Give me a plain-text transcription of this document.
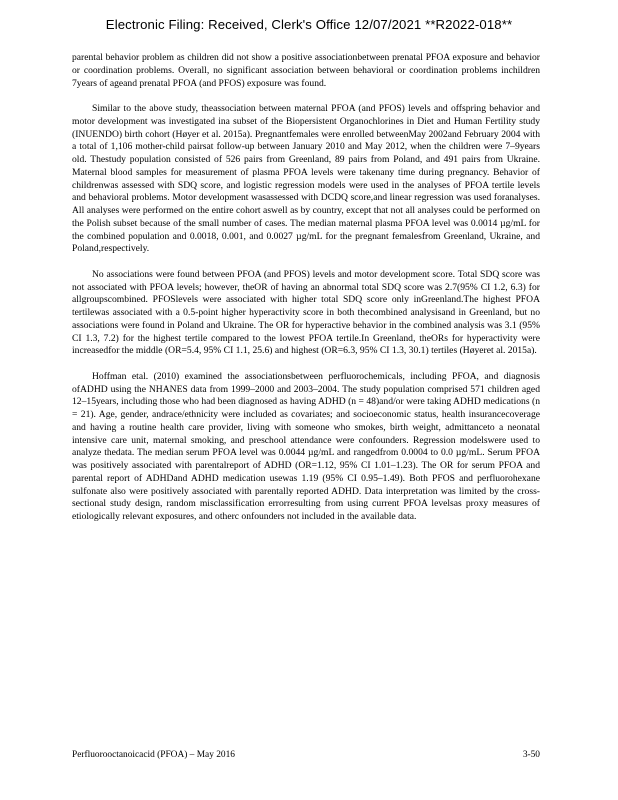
Electronic Filing: Received, Clerk's Office 12/07/2021 **R2022-018**

parental behavior problem as children did not show a positive associationbetween prenatal PFOA exposure and behavior or coordination problems. Overall, no significant association between behavioral or coordination problems inchildren 7years of ageand prenatal PFOA (and PFOS) exposure was found.

Similar to the above study, theassociation between maternal PFOA (and PFOS) levels and offspring behavior and motor development was investigated ina subset of the Biopersistent Organochlorines in Diet and Human Fertility study (INUENDO) birth cohort (Høyer et al. 2015a). Pregnantfemales were enrolled betweenMay 2002and February 2004 with a total of 1,106 mother-child pairsat follow-up between January 2010 and May 2012, when the children were 7–9years old. Thestudy population consisted of 526 pairs from Greenland, 89 pairs from Poland, and 491 pairs from Ukraine. Maternal blood samples for measurement of plasma PFOA levels were takenany time during pregnancy. Behavior of childrenwas assessed with SDQ score, and logistic regression models were used in the analyses of PFOA tertile levels and behavioral problems. Motor development wasassessed with DCDQ score,and linear regression was used foranalyses. All analyses were performed on the entire cohort aswell as by country, except that not all analyses could be performed on the Polish subset because of the small number of cases. The median maternal plasma PFOA level was 0.0014 µg/mL for the combined population and 0.0018, 0.001, and 0.0027 µg/mL for the pregnant femalesfrom Greenland, Ukraine, and Poland,respectively.

No associations were found between PFOA (and PFOS) levels and motor development score. Total SDQ score was not associated with PFOA levels; however, theOR of having an abnormal total SDQ score was 2.7(95% CI 1.2, 6.3) for allgroupscombined. PFOSlevels were associated with higher total SDQ score only inGreenland.The highest PFOA tertilewas associated with a 0.5-point higher hyperactivity score in both thecombined analysisand in Greenland, but no associations were found in Poland and Ukraine. The OR for hyperactive behavior in the combined analysis was 3.1 (95% CI 1.3, 7.2) for the highest tertile compared to the lowest PFOA tertile.In Greenland, theORs for hyperactivity were increasedfor the middle (OR=5.4, 95% CI 1.1, 25.6) and highest (OR=6.3, 95% CI 1.3, 30.1) tertiles (Høyeret al. 2015a).

Hoffman etal. (2010) examined the associationsbetween perfluorochemicals, including PFOA, and diagnosis ofADHD using the NHANES data from 1999–2000 and 2003–2004. The study population comprised 571 children aged 12–15years, including those who had been diagnosed as having ADHD (n = 48)and/or were taking ADHD medications (n = 21). Age, gender, andrace/ethnicity were included as covariates; and socioeconomic status, health insurancecoverage and having a routine health care provider, living with someone who smokes, birth weight, admittanceto a neonatal intensive care unit, maternal smoking, and preschool attendance were confounders. Regression modelswere used to analyze thedata. The median serum PFOA level was 0.0044 µg/mL and rangedfrom 0.0004 to 0.0 µg/mL. Serum PFOA was positively associated with parentalreport of ADHD (OR=1.12, 95% CI 1.01–1.23). The OR for serum PFOA and parental report of ADHDand ADHD medication usewas 1.19 (95% CI 0.95–1.49). Both PFOS and perfluorohexane sulfonate also were positively associated with parentally reported ADHD. Data interpretation was limited by the cross-sectional study design, random misclassification errorresulting from using current PFOA levelsas proxy measures of etiologically relevant exposures, and otherc onfounders not included in the available data.

Perfluorooctanoicacid (PFOA) – May 2016	3-50
